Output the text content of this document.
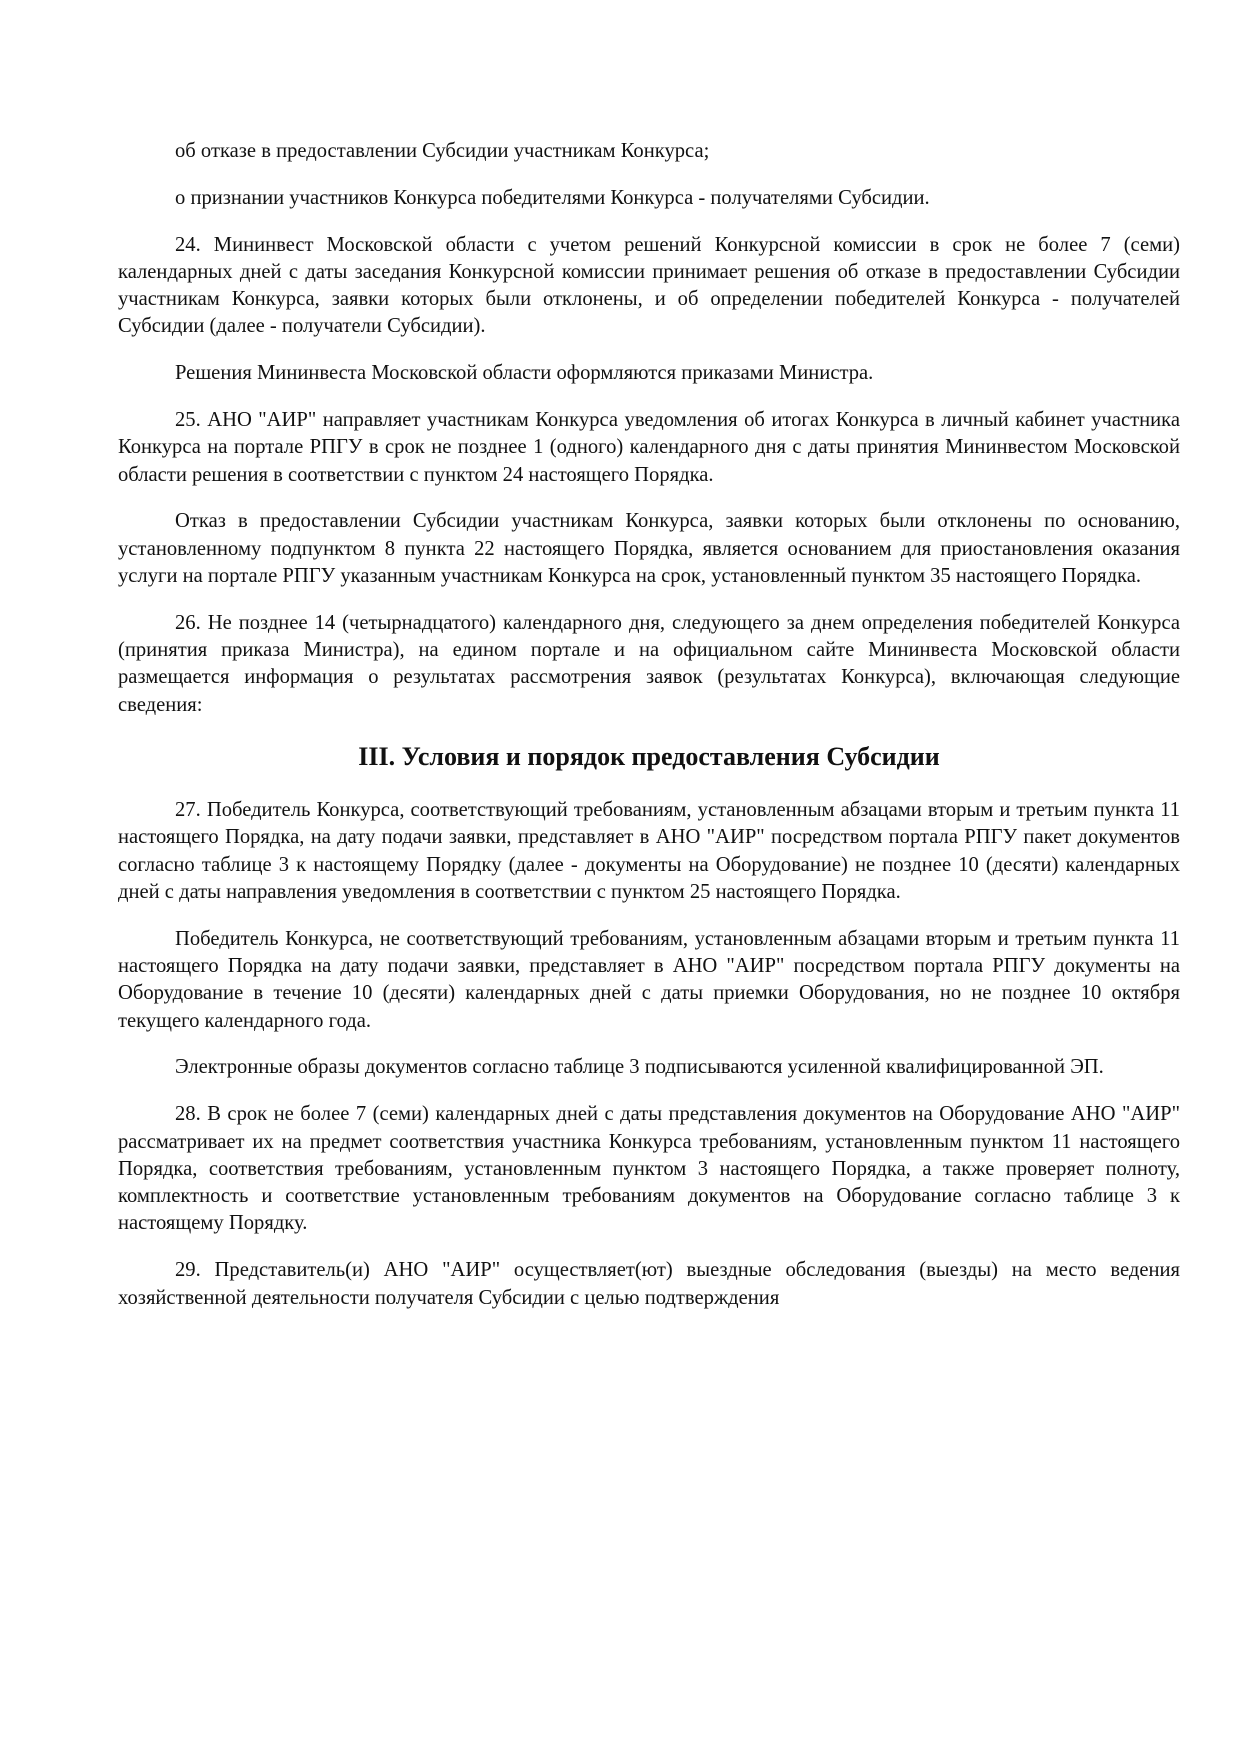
об отказе в предоставлении Субсидии участникам Конкурса;

о признании участников Конкурса победителями Конкурса - получателями Субсидии.

24. Мининвест Московской области с учетом решений Конкурсной комиссии в срок не более 7 (семи) календарных дней с даты заседания Конкурсной комиссии принимает решения об отказе в предоставлении Субсидии участникам Конкурса, заявки которых были отклонены, и об определении победителей Конкурса - получателей Субсидии (далее - получатели Субсидии).

Решения Мининвеста Московской области оформляются приказами Министра.

25. АНО "АИР" направляет участникам Конкурса уведомления об итогах Конкурса в личный кабинет участника Конкурса на портале РПГУ в срок не позднее 1 (одного) календарного дня с даты принятия Мининвестом Московской области решения в соответствии с пунктом 24 настоящего Порядка.

Отказ в предоставлении Субсидии участникам Конкурса, заявки которых были отклонены по основанию, установленному подпунктом 8 пункта 22 настоящего Порядка, является основанием для приостановления оказания услуги на портале РПГУ указанным участникам Конкурса на срок, установленный пунктом 35 настоящего Порядка.

26. Не позднее 14 (четырнадцатого) календарного дня, следующего за днем определения победителей Конкурса (принятия приказа Министра), на едином портале и на официальном сайте Мининвеста Московской области размещается информация о результатах рассмотрения заявок (результатах Конкурса), включающая следующие сведения:

III. Условия и порядок предоставления Субсидии

27. Победитель Конкурса, соответствующий требованиям, установленным абзацами вторым и третьим пункта 11 настоящего Порядка, на дату подачи заявки, представляет в АНО "АИР" посредством портала РПГУ пакет документов согласно таблице 3 к настоящему Порядку (далее - документы на Оборудование) не позднее 10 (десяти) календарных дней с даты направления уведомления в соответствии с пунктом 25 настоящего Порядка.

Победитель Конкурса, не соответствующий требованиям, установленным абзацами вторым и третьим пункта 11 настоящего Порядка на дату подачи заявки, представляет в АНО "АИР" посредством портала РПГУ документы на Оборудование в течение 10 (десяти) календарных дней с даты приемки Оборудования, но не позднее 10 октября текущего календарного года.

Электронные образы документов согласно таблице 3 подписываются усиленной квалифицированной ЭП.

28. В срок не более 7 (семи) календарных дней с даты представления документов на Оборудование АНО "АИР" рассматривает их на предмет соответствия участника Конкурса требованиям, установленным пунктом 11 настоящего Порядка, соответствия требованиям, установленным пунктом 3 настоящего Порядка, а также проверяет полноту, комплектность и соответствие установленным требованиям документов на Оборудование согласно таблице 3 к настоящему Порядку.

29. Представитель(и) АНО "АИР" осуществляет(ют) выездные обследования (выезды) на место ведения хозяйственной деятельности получателя Субсидии с целью подтверждения
